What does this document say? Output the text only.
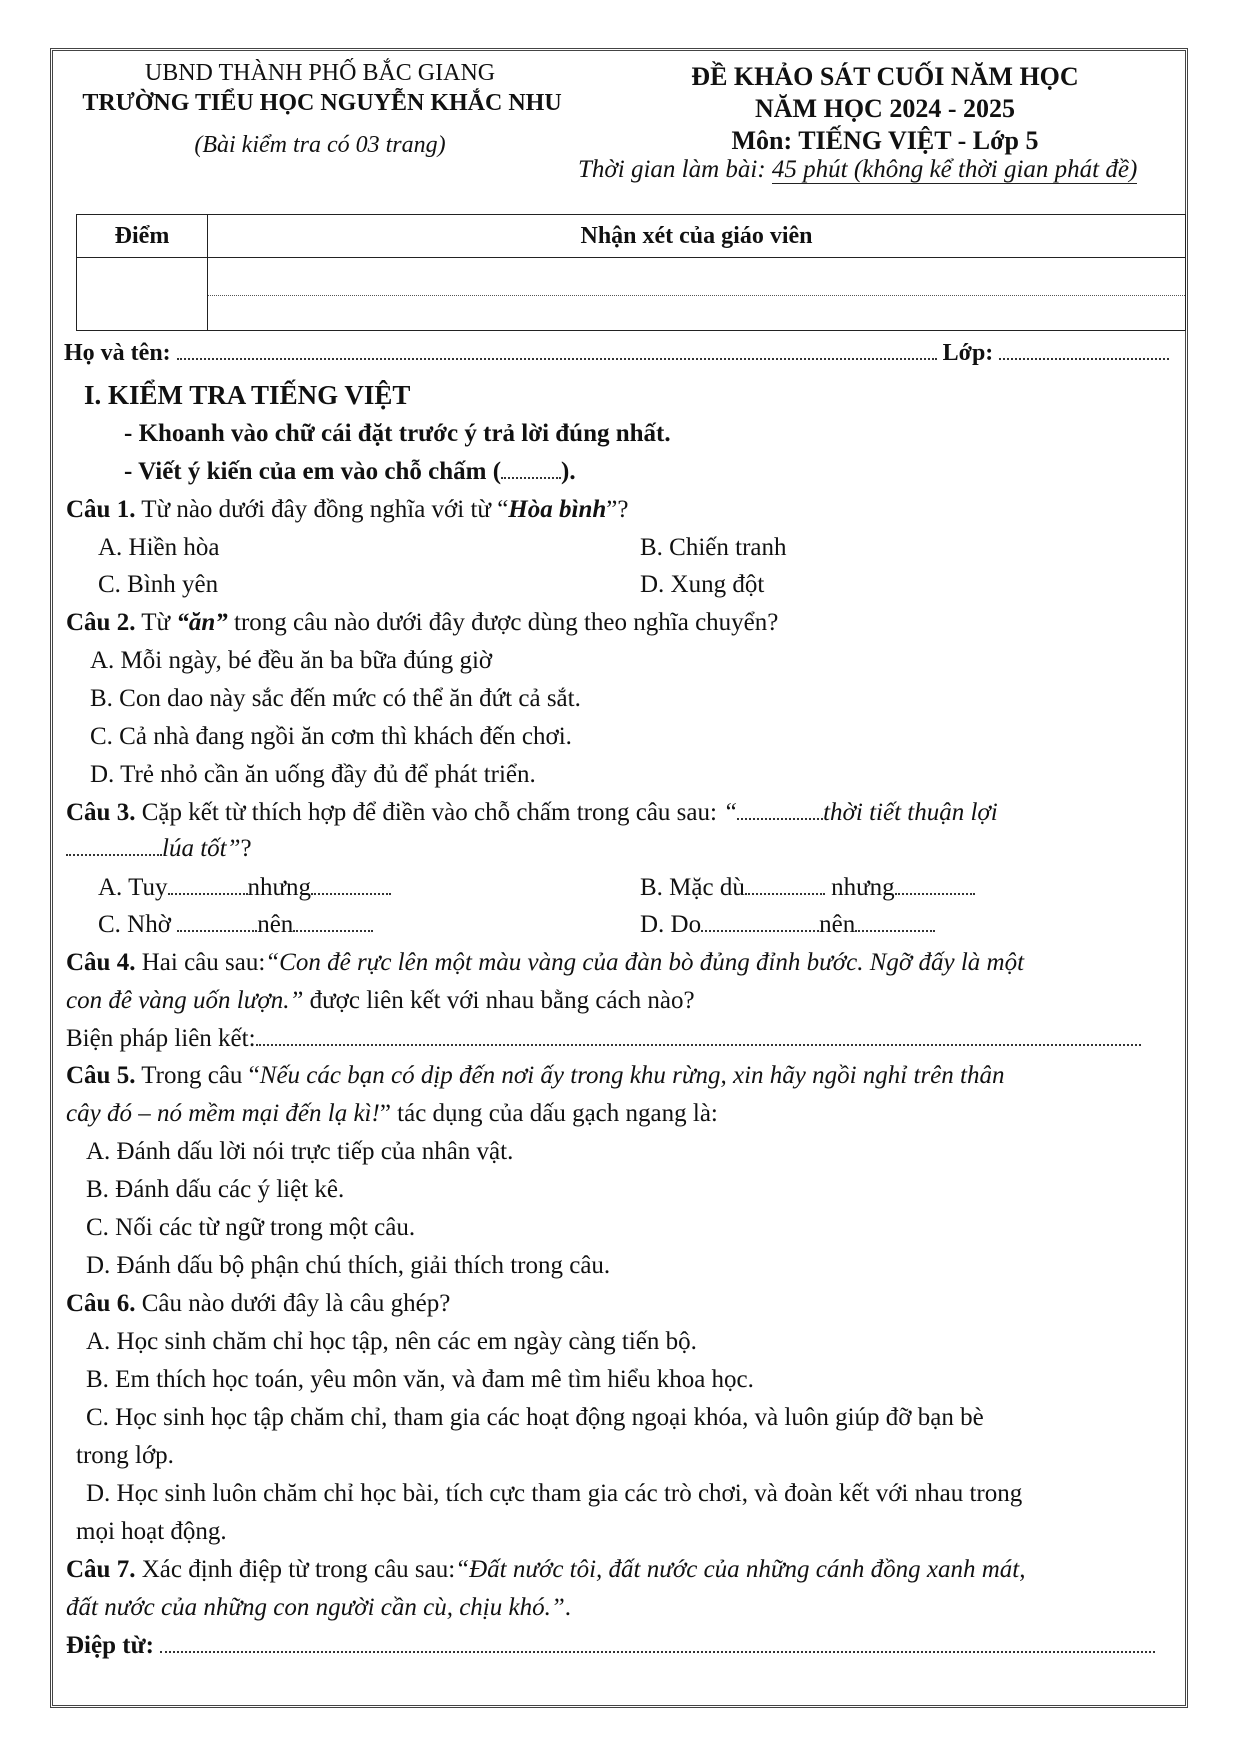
UBND THÀNH PHỐ BẮC GIANG
TRƯỜNG TIỂU HỌC NGUYỄN KHẮC NHU
(Bài kiểm tra có 03 trang)
ĐỀ KHẢO SÁT CUỐI NĂM HỌC
NĂM HỌC 2024 - 2025
Môn: TIẾNG VIỆT - Lớp 5
Thời gian làm bài: 45 phút (không kể thời gian phát đề)
Điểm	Nhận xét của giáo viên

Họ và tên:	Lớp:
I. KIỂM TRA TIẾNG VIỆT
- Khoanh vào chữ cái đặt trước ý trả lời đúng nhất.
- Viết ý kiến của em vào chỗ chấm ( ).
Câu 1. Từ nào dưới đây đồng nghĩa với từ “Hòa bình”?
A. Hiền hòa	B. Chiến tranh
C. Bình yên	D. Xung đột
Câu 2. Từ “ăn” trong câu nào dưới đây được dùng theo nghĩa chuyển?
A. Mỗi ngày, bé đều ăn ba bữa đúng giờ
B. Con dao này sắc đến mức có thể ăn đứt cả sắt.
C. Cả nhà đang ngồi ăn cơm thì khách đến chơi.
D. Trẻ nhỏ cần ăn uống đầy đủ để phát triển.
Câu 3. Cặp kết từ thích hợp để điền vào chỗ chấm trong câu sau: “	thời tiết thuận lợi
lúa tốt”?
A. Tuy	nhưng	B. Mặc dù	nhưng
C. Nhờ	nên	D. Do	nên
Câu 4. Hai câu sau:“Con đê rực lên một màu vàng của đàn bò đủng đỉnh bước. Ngỡ đấy là một
con đê vàng uốn lượn.” được liên kết với nhau bằng cách nào?
Biện pháp liên kết:
Câu 5. Trong câu “Nếu các bạn có dịp đến nơi ấy trong khu rừng, xin hãy ngồi nghỉ trên thân
cây đó – nó mềm mại đến lạ kì!” tác dụng của dấu gạch ngang là:
A. Đánh dấu lời nói trực tiếp của nhân vật.
B. Đánh dấu các ý liệt kê.
C. Nối các từ ngữ trong một câu.
D. Đánh dấu bộ phận chú thích, giải thích trong câu.
Câu 6. Câu nào dưới đây là câu ghép?
A. Học sinh chăm chỉ học tập, nên các em ngày càng tiến bộ.
B. Em thích học toán, yêu môn văn, và đam mê tìm hiểu khoa học.
C. Học sinh học tập chăm chỉ, tham gia các hoạt động ngoại khóa, và luôn giúp đỡ bạn bè
trong lớp.
D. Học sinh luôn chăm chỉ học bài, tích cực tham gia các trò chơi, và đoàn kết với nhau trong
mọi hoạt động.
Câu 7. Xác định điệp từ trong câu sau:“Đất nước tôi, đất nước của những cánh đồng xanh mát,
đất nước của những con người cần cù, chịu khó.”.
Điệp từ:
